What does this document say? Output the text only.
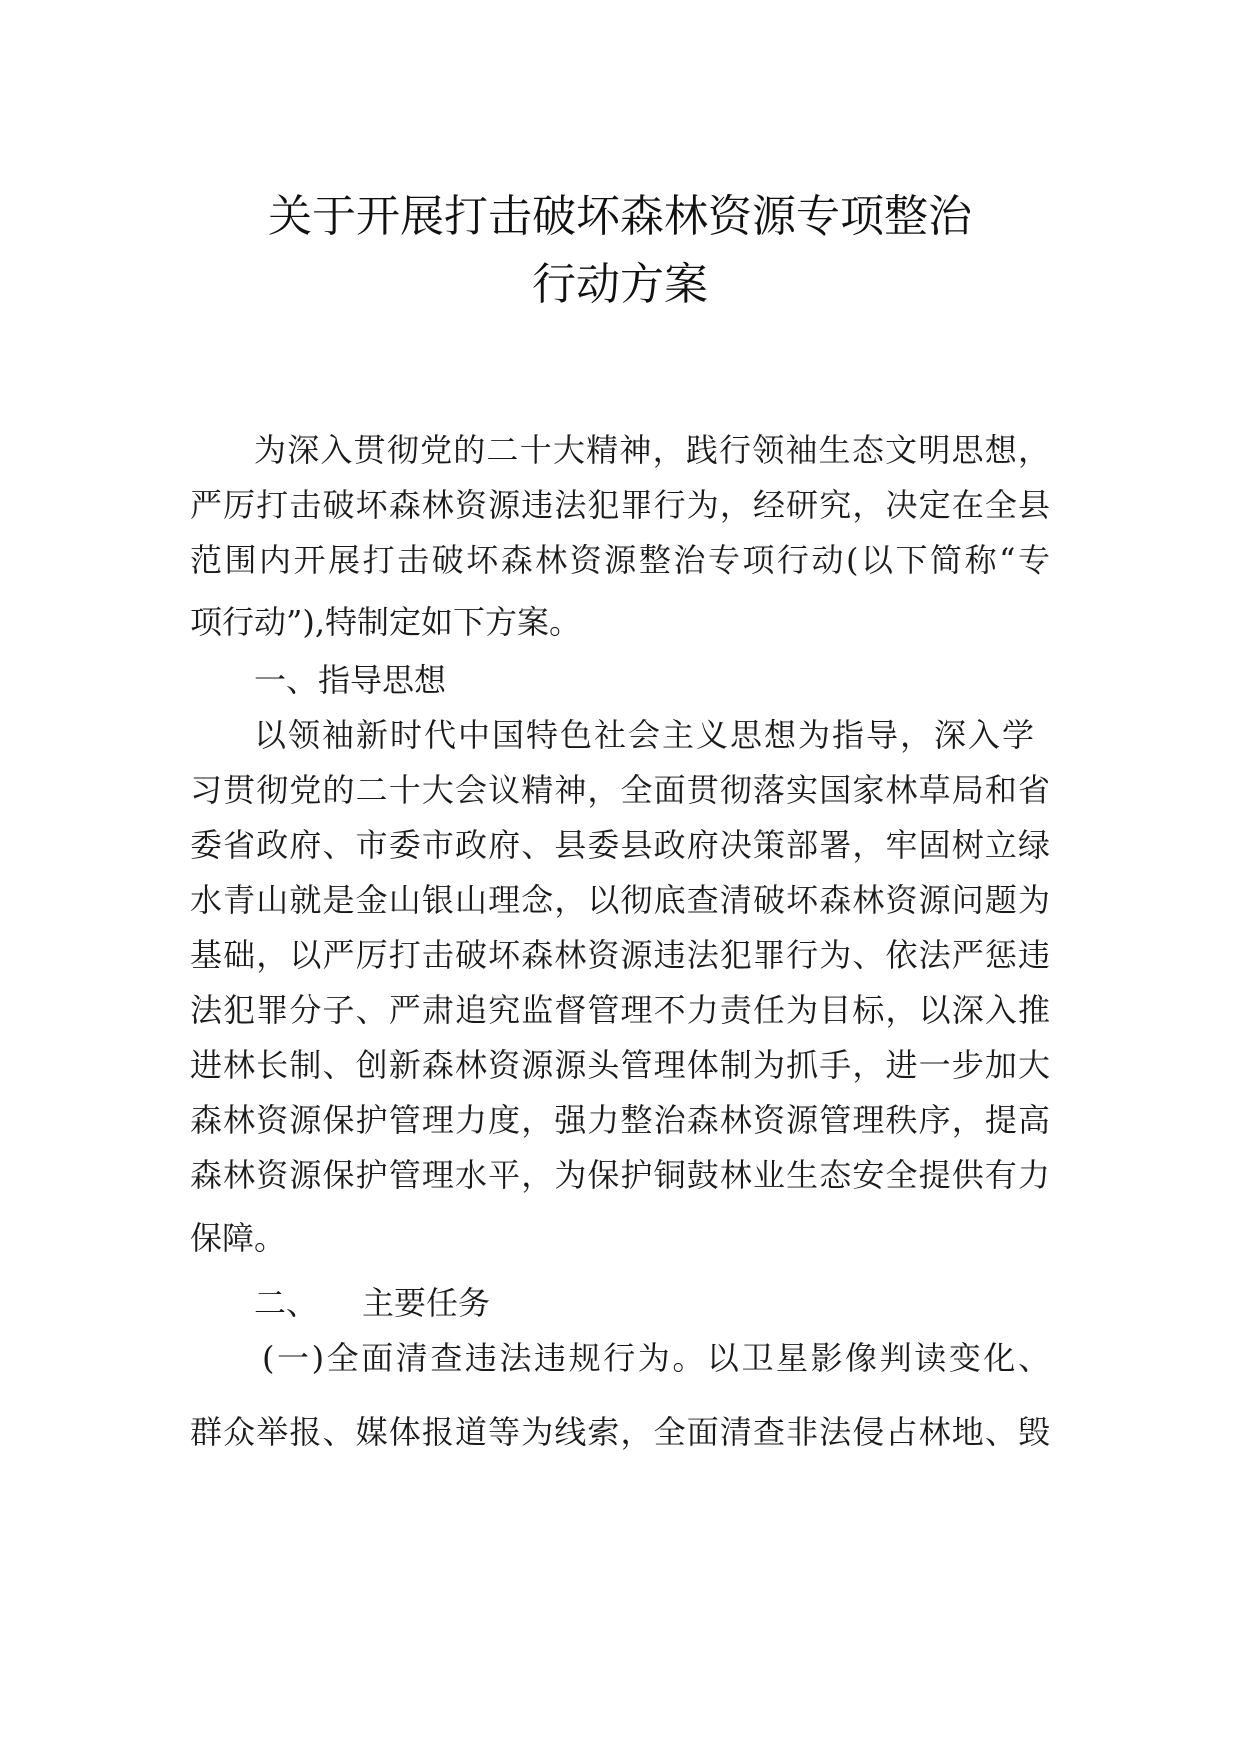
关于开展打击破坏森林资源专项整治
行动方案
为深入贯彻党的二十大精神，践行领袖生态文明思想，
严厉打击破坏森林资源违法犯罪行为，经研究，决定在全县
范围内开展打击破坏森林资源整治专项行动(以下简称“专
项行动”),特制定如下方案。
一、指导思想
以领袖新时代中国特色社会主义思想为指导，深入学
习贯彻党的二十大会议精神，全面贯彻落实国家林草局和省
委省政府、市委市政府、县委县政府决策部署，牢固树立绿
水青山就是金山银山理念，以彻底查清破坏森林资源问题为
基础，以严厉打击破坏森林资源违法犯罪行为、依法严惩违
法犯罪分子、严肃追究监督管理不力责任为目标，以深入推
进林长制、创新森林资源源头管理体制为抓手，进一步加大
森林资源保护管理力度，强力整治森林资源管理秩序，提高
森林资源保护管理水平，为保护铜鼓林业生态安全提供有力
保障。
二、 主要任务
(一)全面清查违法违规行为。以卫星影像判读变化、
群众举报、媒体报道等为线索，全面清查非法侵占林地、毁
